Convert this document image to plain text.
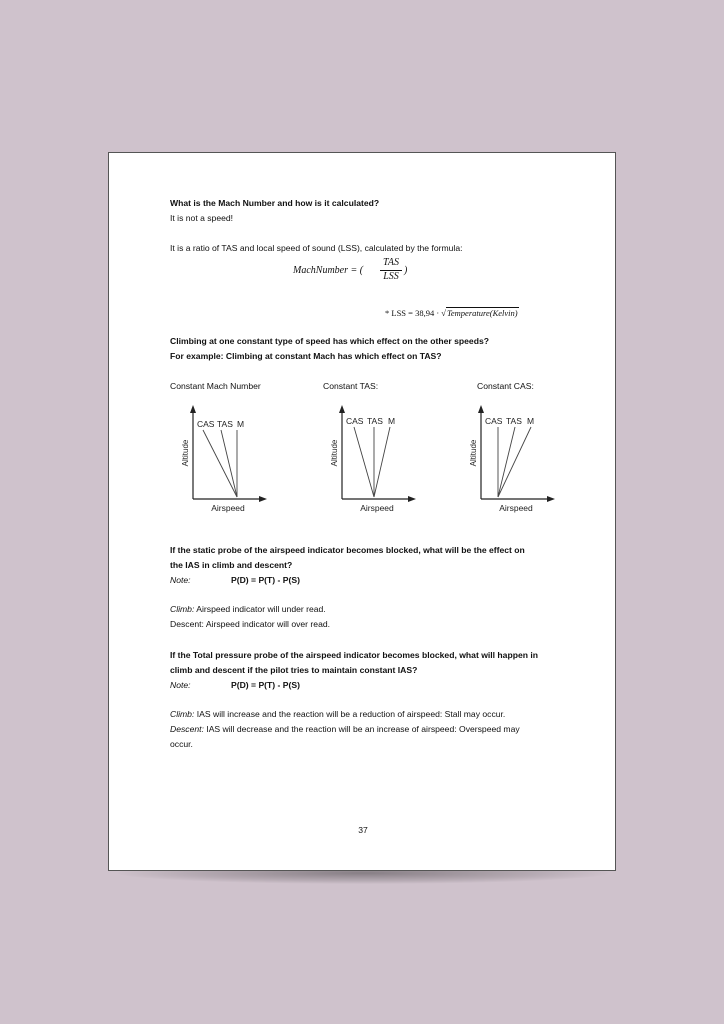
What is the Mach Number and how is it calculated?
It is not a speed!
It is a ratio of TAS and local speed of sound (LSS), calculated by the formula:
MachNumber = (
TAS
LSS
)
* LSS = 38,94 · √Temperature(Kelvin)
Climbing at one constant type of speed has which effect on the other speeds?
For example: Climbing at constant Mach has which effect on TAS?
Constant Mach Number	Constant TAS:	Constant CAS:
CAS TAS M
Altitude
Airspeed
CAS TAS M
Altitude
Airspeed
CAS TAS M
Altitude
Airspeed
If the static probe of the airspeed indicator becomes blocked, what will be the effect on
the IAS in climb and descent?
Note:	P(D) = P(T) - P(S)
Climb: Airspeed indicator will under read.
Descent: Airspeed indicator will over read.
If the Total pressure probe of the airspeed indicator becomes blocked, what will happen in
climb and descent if the pilot tries to maintain constant IAS?
Note:	P(D) = P(T) - P(S)
Climb: IAS will increase and the reaction will be a reduction of airspeed: Stall may occur.
Descent: IAS will decrease and the reaction will be an increase of airspeed: Overspeed may
occur.
37
